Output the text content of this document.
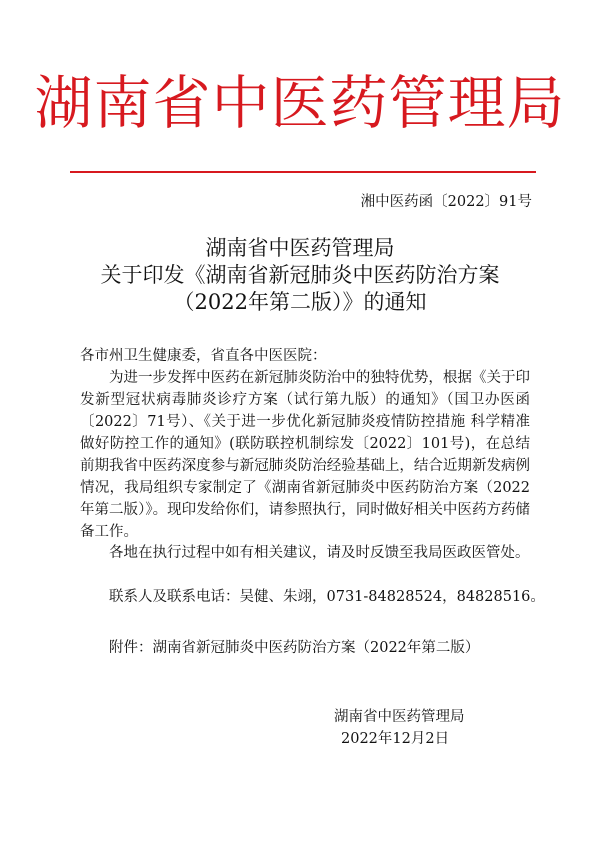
湖南省中医药管理局
湘中医药函〔2022〕91号
湖南省中医药管理局
关于印发《湖南省新冠肺炎中医药防治方案
（2022年第二版）》的通知

各市州卫生健康委，省直各中医医院：

为进一步发挥中医药在新冠肺炎防治中的独特优势，根据《关于印发新型冠状病毒肺炎诊疗方案（试行第九版）的通知》（国卫办医函〔2022〕71号）、《关于进一步优化新冠肺炎疫情防控措施 科学精准做好防控工作的通知》(联防联控机制综发〔2022〕101号)，在总结前期我省中医药深度参与新冠肺炎防治经验基础上，结合近期新发病例情况，我局组织专家制定了《湖南省新冠肺炎中医药防治方案（2022年第二版）》。现印发给你们，请参照执行，同时做好相关中医药方药储备工作。

各地在执行过程中如有相关建议，请及时反馈至我局医政医管处。

联系人及联系电话：吴健、朱翊，0731-84828524，84828516。

附件：湖南省新冠肺炎中医药防治方案（2022年第二版）

湖南省中医药管理局
2022年12月2日
